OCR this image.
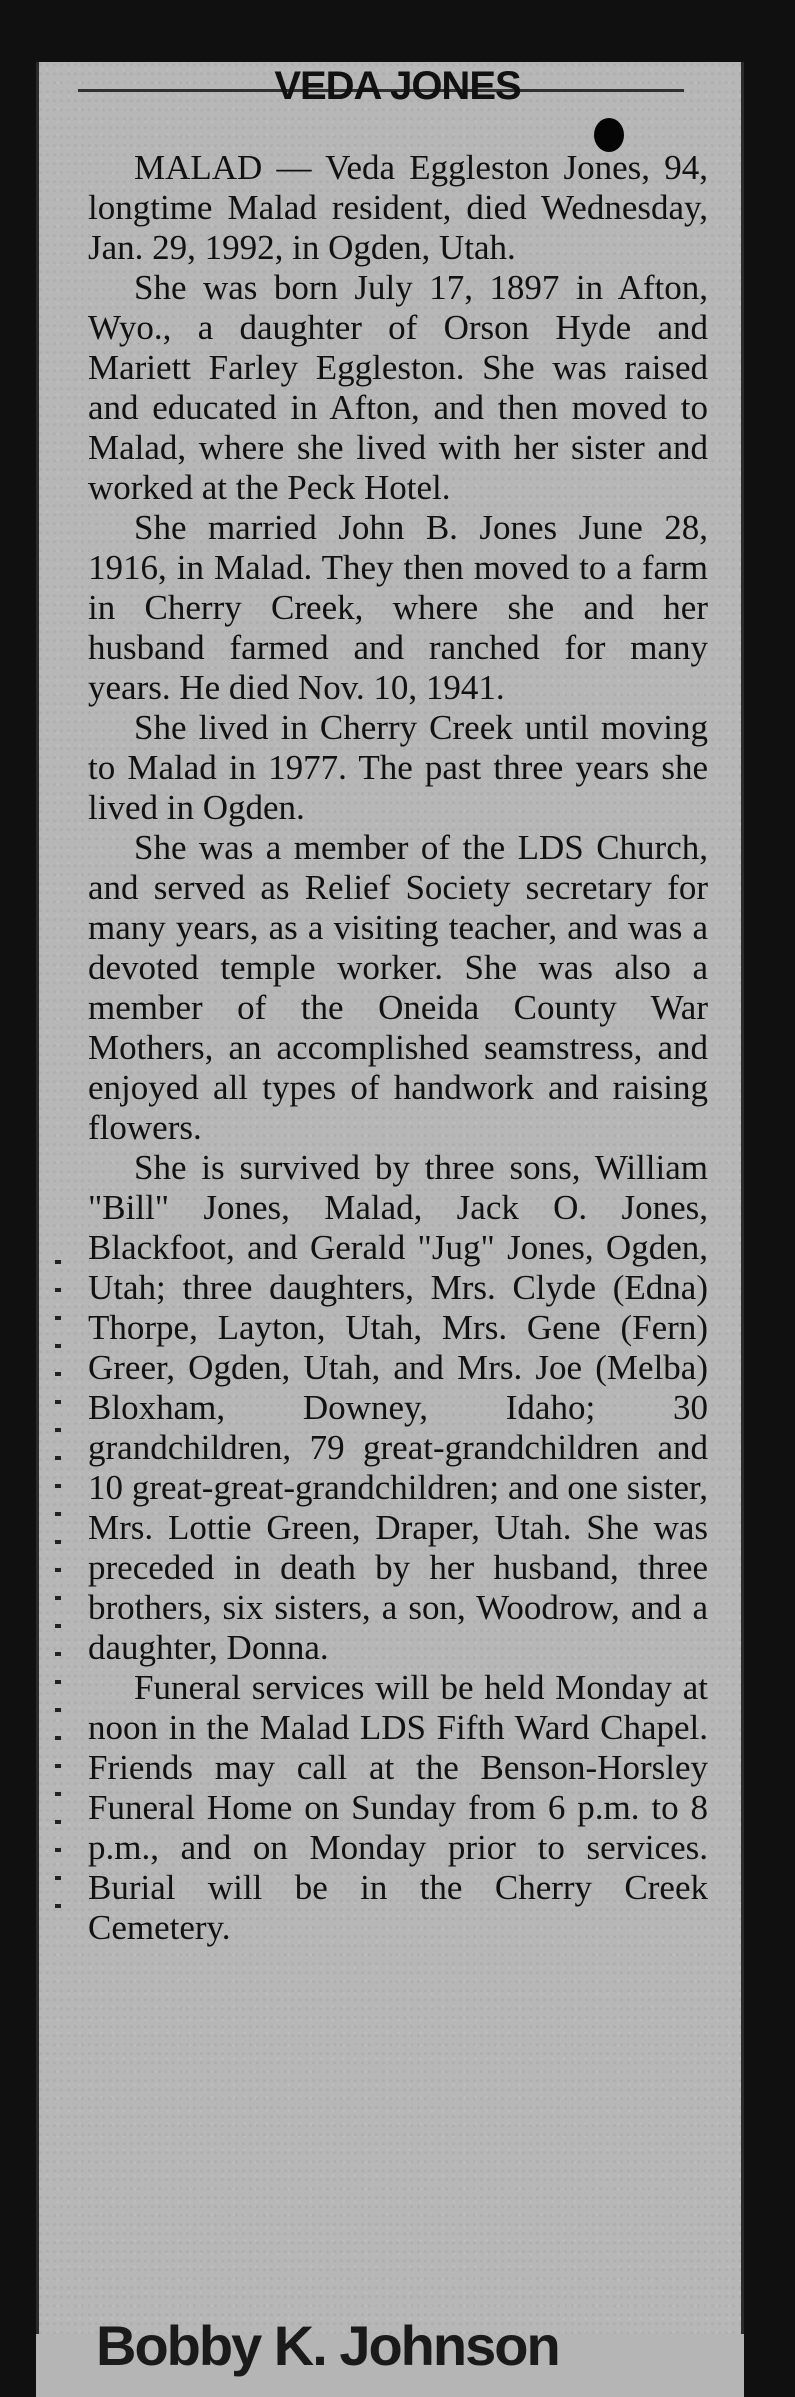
VEDA JONES

MALAD — Veda Eggleston Jones, 94, longtime Malad resident, died Wednesday, Jan. 29, 1992, in Ogden, Utah.

She was born July 17, 1897 in Afton, Wyo., a daughter of Orson Hyde and Mariett Farley Eggleston. She was raised and educated in Afton, and then moved to Malad, where she lived with her sister and worked at the Peck Hotel.

She married John B. Jones June 28, 1916, in Malad. They then moved to a farm in Cherry Creek, where she and her husband farmed and ranched for many years. He died Nov. 10, 1941.

She lived in Cherry Creek until moving to Malad in 1977. The past three years she lived in Ogden.

She was a member of the LDS Church, and served as Relief Society secretary for many years, as a visiting teacher, and was a devoted temple worker. She was also a member of the Oneida County War Mothers, an accomplished seamstress, and enjoyed all types of handwork and raising flowers.

She is survived by three sons, William "Bill" Jones, Malad, Jack O. Jones, Blackfoot, and Gerald "Jug" Jones, Ogden, Utah; three daughters, Mrs. Clyde (Edna) Thorpe, Layton, Utah, Mrs. Gene (Fern) Greer, Ogden, Utah, and Mrs. Joe (Melba) Bloxham, Downey, Idaho; 30 grandchildren, 79 great-grandchildren and 10 great-great-grandchildren; and one sister, Mrs. Lottie Green, Draper, Utah. She was preceded in death by her husband, three brothers, six sisters, a son, Woodrow, and a daughter, Donna.

Funeral services will be held Monday at noon in the Malad LDS Fifth Ward Chapel. Friends may call at the Benson-Horsley Funeral Home on Sunday from 6 p.m. to 8 p.m., and on Monday prior to services. Burial will be in the Cherry Creek Cemetery.

Bobby K. Johnson
